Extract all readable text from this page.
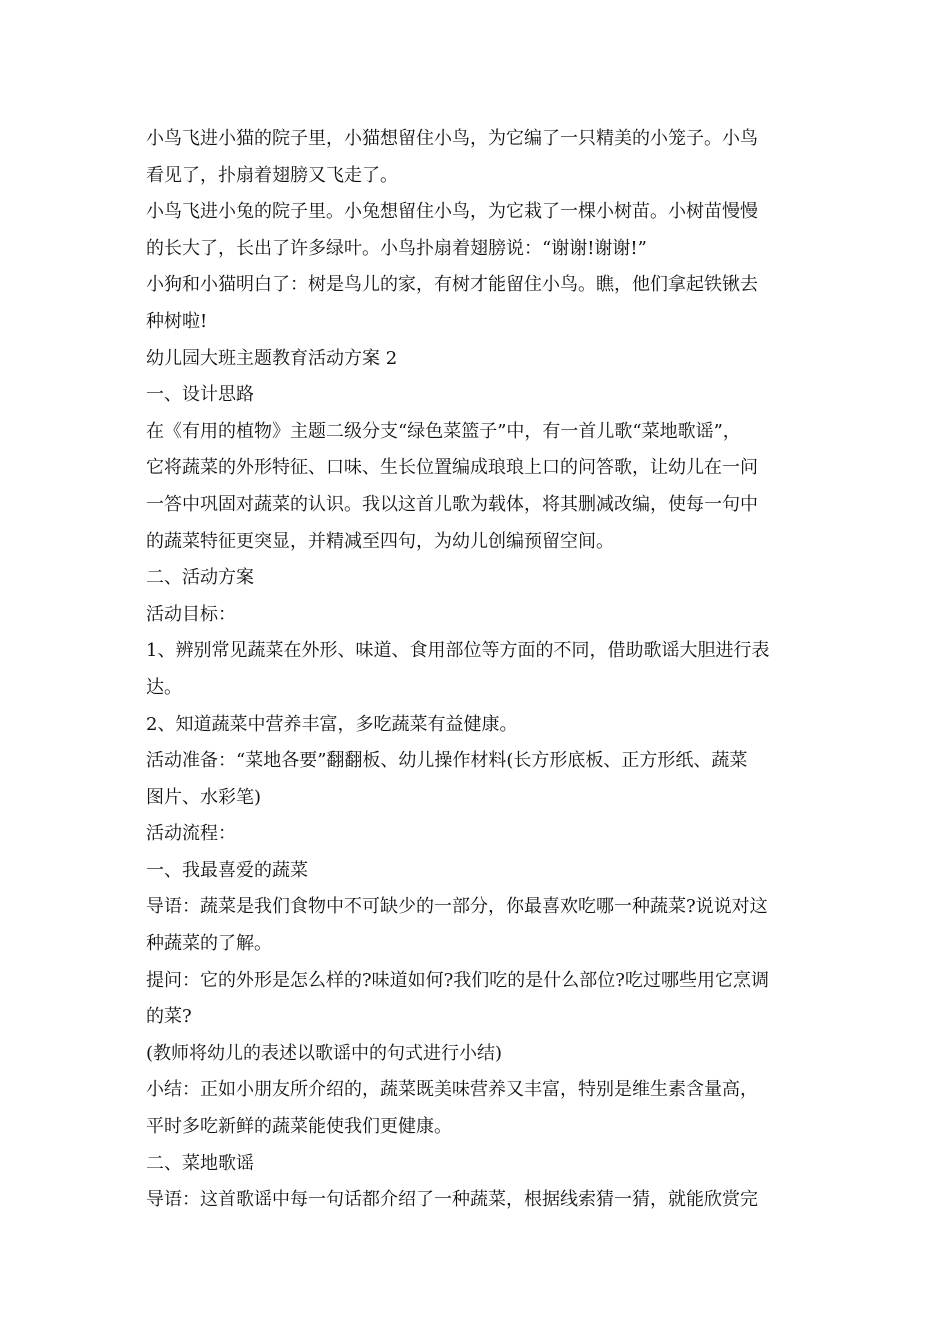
小鸟飞进小猫的院子里，小猫想留住小鸟，为它编了一只精美的小笼子。小鸟
看见了，扑扇着翅膀又飞走了。
小鸟飞进小兔的院子里。小兔想留住小鸟，为它栽了一棵小树苗。小树苗慢慢
的长大了，长出了许多绿叶。小鸟扑扇着翅膀说：“谢谢!谢谢!”
小狗和小猫明白了：树是鸟儿的家，有树才能留住小鸟。瞧，他们拿起铁锹去
种树啦!
幼儿园大班主题教育活动方案 2
一、设计思路
在《有用的植物》主题二级分支“绿色菜篮子”中，有一首儿歌“菜地歌谣”，
它将蔬菜的外形特征、口味、生长位置编成琅琅上口的问答歌，让幼儿在一问
一答中巩固对蔬菜的认识。我以这首儿歌为载体，将其删减改编，使每一句中
的蔬菜特征更突显，并精减至四句，为幼儿创编预留空间。
二、活动方案
活动目标：
1、辨别常见蔬菜在外形、味道、食用部位等方面的不同，借助歌谣大胆进行表
达。
2、知道蔬菜中营养丰富，多吃蔬菜有益健康。
活动准备：“菜地各要”翻翻板、幼儿操作材料(长方形底板、正方形纸、蔬菜
图片、水彩笔)
活动流程：
一、我最喜爱的蔬菜
导语：蔬菜是我们食物中不可缺少的一部分，你最喜欢吃哪一种蔬菜?说说对这
种蔬菜的了解。
提问：它的外形是怎么样的?味道如何?我们吃的是什么部位?吃过哪些用它烹调
的菜?
(教师将幼儿的表述以歌谣中的句式进行小结)
小结：正如小朋友所介绍的，蔬菜既美味营养又丰富，特别是维生素含量高，
平时多吃新鲜的蔬菜能使我们更健康。
二、菜地歌谣
导语：这首歌谣中每一句话都介绍了一种蔬菜，根据线索猜一猜，就能欣赏完
